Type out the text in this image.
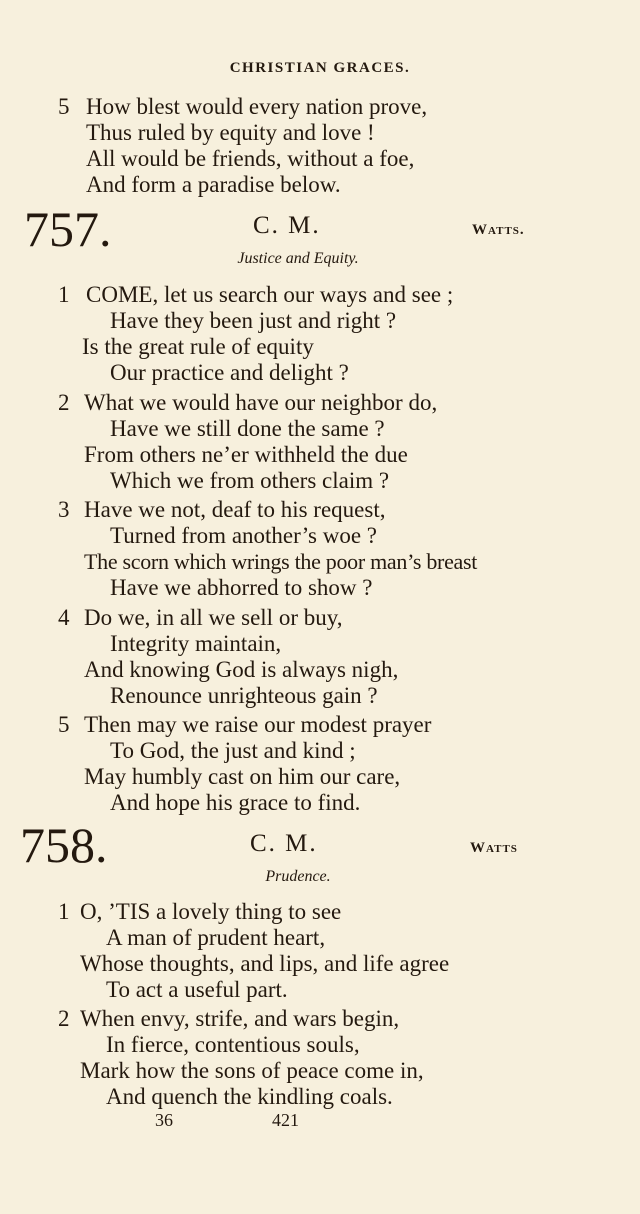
CHRISTIAN GRACES.
5 How blest would every nation prove,
Thus ruled by equity and love !
All would be friends, without a foe,
And form a paradise below.
757.	C. M.	Watts.
Justice and Equity.
1 COME, let us search our ways and see ;
Have they been just and right ?
Is the great rule of equity
Our practice and delight ?
2 What we would have our neighbor do,
Have we still done the same ?
From others ne’er withheld the due
Which we from others claim ?
3 Have we not, deaf to his request,
Turned from another’s woe ?
The scorn which wrings the poor man’s breast
Have we abhorred to show ?
4 Do we, in all we sell or buy,
Integrity maintain,
And knowing God is always nigh,
Renounce unrighteous gain ?
5 Then may we raise our modest prayer
To God, the just and kind ;
May humbly cast on him our care,
And hope his grace to find.
758.	C. M.	Watts
Prudence.
1 O, ’TIS a lovely thing to see
A man of prudent heart,
Whose thoughts, and lips, and life agree
To act a useful part.
2 When envy, strife, and wars begin,
In fierce, contentious souls,
Mark how the sons of peace come in,
And quench the kindling coals.
36	421
